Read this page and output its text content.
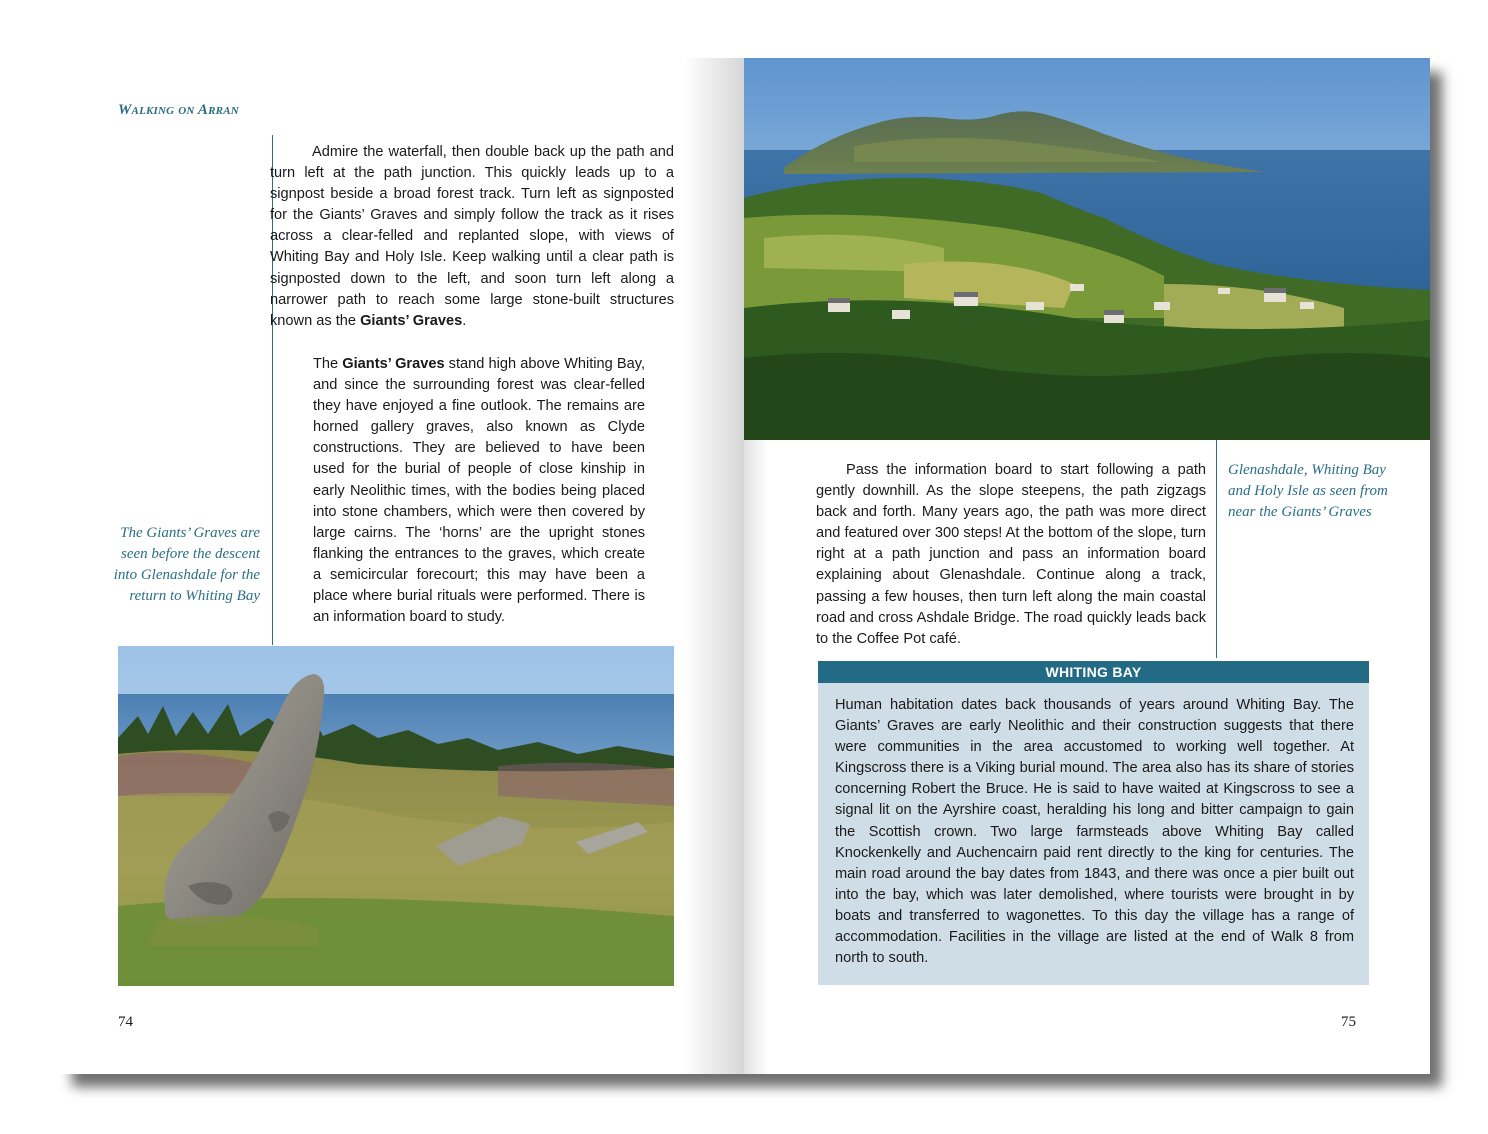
Walking on Arran
Admire the waterfall, then double back up the path and turn left at the path junction. This quickly leads up to a signpost beside a broad forest track. Turn left as signposted for the Giants’ Graves and simply follow the track as it rises across a clear-felled and replanted slope, with views of Whiting Bay and Holy Isle. Keep walking until a clear path is signposted down to the left, and soon turn left along a narrower path to reach some large stone-built structures known as the Giants’ Graves.
The Giants’ Graves stand high above Whiting Bay, and since the surrounding forest was clear-felled they have enjoyed a fine outlook. The remains are horned gallery graves, also known as Clyde constructions. They are believed to have been used for the burial of people of close kinship in early Neolithic times, with the bodies being placed into stone chambers, which were then covered by large cairns. The ‘horns’ are the upright stones flanking the entrances to the graves, which create a semicircular forecourt; this may have been a place where burial rituals were performed. There is an information board to study.
The Giants’ Graves are seen before the descent into Glenashdale for the return to Whiting Bay
74
Pass the information board to start following a path gently downhill. As the slope steepens, the path zigzags back and forth. Many years ago, the path was more direct and featured over 300 steps! At the bottom of the slope, turn right at a path junction and pass an information board explaining about Glenashdale. Continue along a track, passing a few houses, then turn left along the main coastal road and cross Ashdale Bridge. The road quickly leads back to the Coffee Pot café.
Glenashdale, Whiting Bay and Holy Isle as seen from near the Giants’ Graves
WHITING BAY
Human habitation dates back thousands of years around Whiting Bay. The Giants’ Graves are early Neolithic and their construction suggests that there were communities in the area accustomed to working well together. At Kingscross there is a Viking burial mound. The area also has its share of stories concerning Robert the Bruce. He is said to have waited at Kingscross to see a signal lit on the Ayrshire coast, heralding his long and bitter campaign to gain the Scottish crown. Two large farmsteads above Whiting Bay called Knockenkelly and Auchencairn paid rent directly to the king for centuries. The main road around the bay dates from 1843, and there was once a pier built out into the bay, which was later demolished, where tourists were brought in by boats and transferred to wagonettes. To this day the village has a range of accommodation. Facilities in the village are listed at the end of Walk 8 from north to south.
75
